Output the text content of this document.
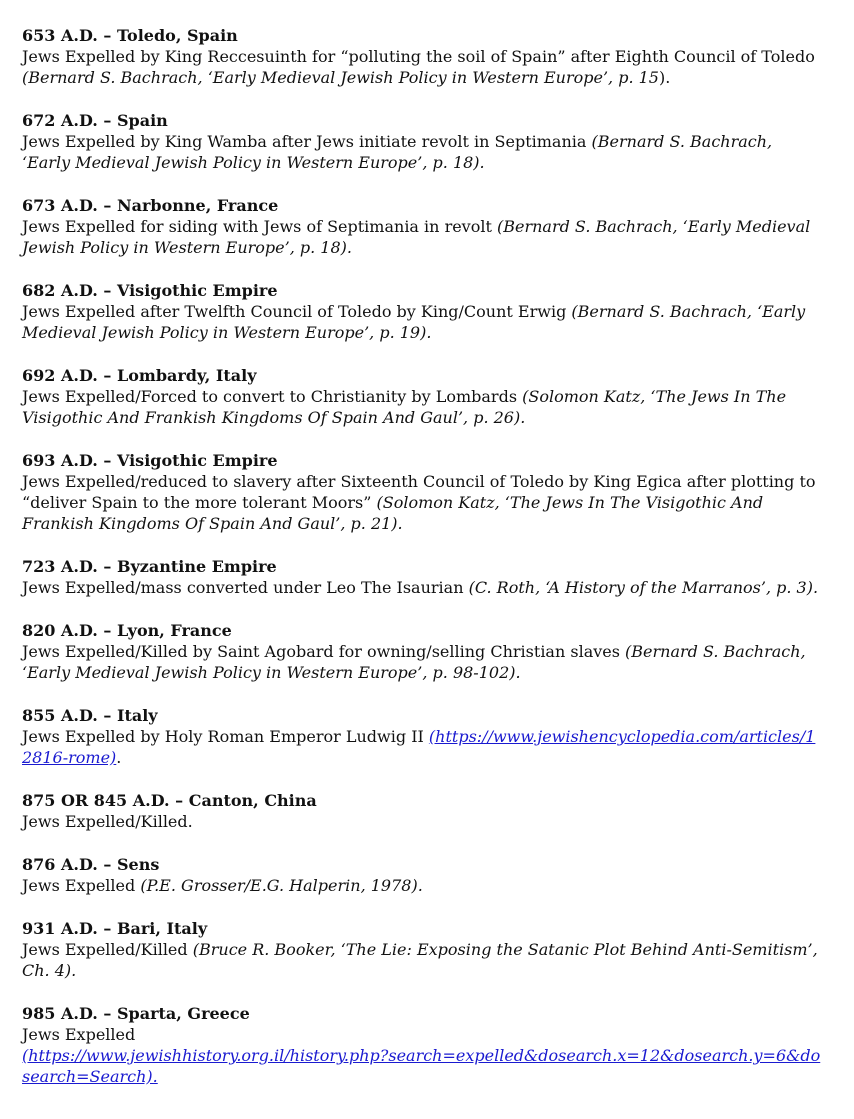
653 A.D. – Toledo, Spain
Jews Expelled by King Reccesuinth for “polluting the soil of Spain” after Eighth Council of Toledo (Bernard S. Bachrach, ‘Early Medieval Jewish Policy in Western Europe’, p. 15).
672 A.D. – Spain
Jews Expelled by King Wamba after Jews initiate revolt in Septimania (Bernard S. Bachrach, ‘Early Medieval Jewish Policy in Western Europe’, p. 18).
673 A.D. – Narbonne, France
Jews Expelled for siding with Jews of Septimania in revolt (Bernard S. Bachrach, ‘Early Medieval Jewish Policy in Western Europe’, p. 18).
682 A.D. – Visigothic Empire
Jews Expelled after Twelfth Council of Toledo by King/Count Erwig (Bernard S. Bachrach, ‘Early Medieval Jewish Policy in Western Europe’, p. 19).
692 A.D. – Lombardy, Italy
Jews Expelled/Forced to convert to Christianity by Lombards (Solomon Katz, ‘The Jews In The Visigothic And Frankish Kingdoms Of Spain And Gaul’, p. 26).
693 A.D. – Visigothic Empire
Jews Expelled/reduced to slavery after Sixteenth Council of Toledo by King Egica after plotting to “deliver Spain to the more tolerant Moors” (Solomon Katz, ‘The Jews In The Visigothic And Frankish Kingdoms Of Spain And Gaul’, p. 21).
723 A.D. – Byzantine Empire
Jews Expelled/mass converted under Leo The Isaurian (C. Roth, ‘A History of the Marranos’, p. 3).
820 A.D. – Lyon, France
Jews Expelled/Killed by Saint Agobard for owning/selling Christian slaves (Bernard S. Bachrach, ‘Early Medieval Jewish Policy in Western Europe’, p. 98-102).
855 A.D. – Italy
Jews Expelled by Holy Roman Emperor Ludwig II (https://www.jewishencyclopedia.com/articles/12816-rome).
875 OR 845 A.D. – Canton, China
Jews Expelled/Killed.
876 A.D. – Sens
Jews Expelled (P.E. Grosser/E.G. Halperin, 1978).
931 A.D. – Bari, Italy
Jews Expelled/Killed (Bruce R. Booker, ‘The Lie: Exposing the Satanic Plot Behind Anti-Semitism’, Ch. 4).
985 A.D. – Sparta, Greece
Jews Expelled
(https://www.jewishhistory.org.il/history.php?search=expelled&dosearch.x=12&dosearch.y=6&dosearch=Search).
